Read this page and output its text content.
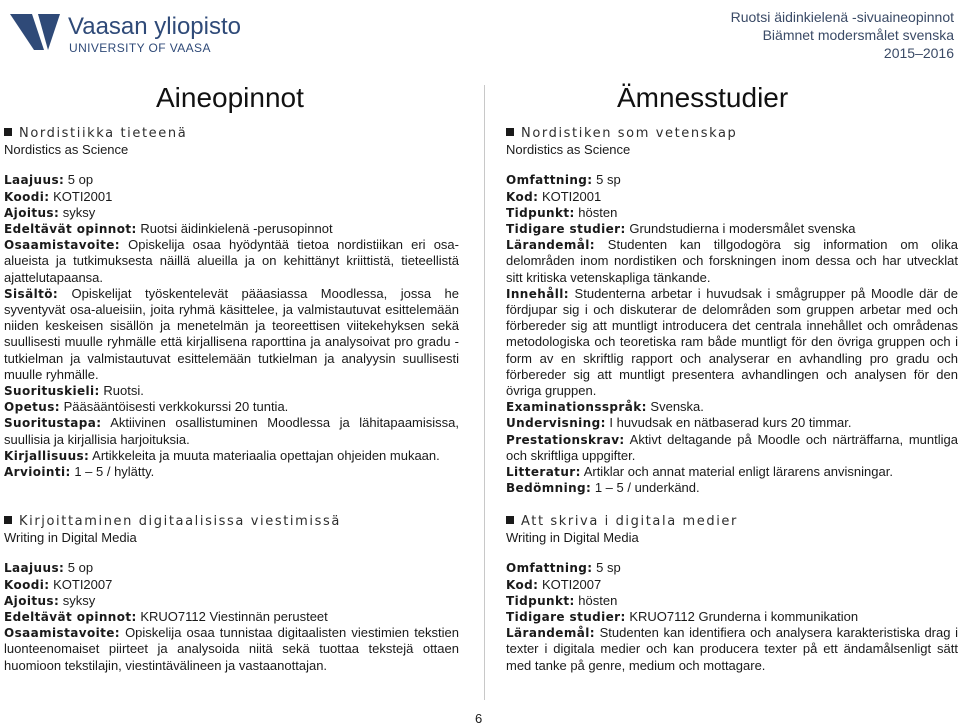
Vaasan yliopisto
UNIVERSITY OF VAASA
Ruotsi äidinkielenä -sivuaineopinnot
Biämnet modersmålet svenska
2015–2016
Aineopinnot	Ämnesstudier
Nordistiikka tieteenä
Nordistics as Science
Laajuus: 5 op
Koodi: KOTI2001
Ajoitus: syksy
Edeltävät opinnot: Ruotsi äidinkielenä -perusopinnot
Osaamistavoite: Opiskelija osaa hyödyntää tietoa nordistiikan eri osa-alueista ja tutkimuksesta näillä alueilla ja on kehittänyt kriittistä, tieteellistä ajattelutapaansa.
Sisältö: Opiskelijat työskentelevät pääasiassa Moodlessa, jossa he syventyvät osa-alueisiin, joita ryhmä käsittelee, ja valmistautuvat esittelemään niiden keskeisen sisällön ja menetelmän ja teoreettisen viitekehyksen sekä suullisesti muulle ryhmälle että kirjallisena raporttina ja analysoivat pro gradu -tutkielman ja valmistautuvat esittelemään tutkielman ja analyysin suullisesti muulle ryhmälle.
Suorituskieli: Ruotsi.
Opetus: Pääsääntöisesti verkkokurssi 20 tuntia.
Suoritustapa: Aktiivinen osallistuminen Moodlessa ja lähitapaamisissa, suullisia ja kirjallisia harjoituksia.
Kirjallisuus: Artikkeleita ja muuta materiaalia opettajan ohjeiden mukaan.
Arviointi: 1 – 5 / hylätty.
Nordistiken som vetenskap
Nordistics as Science
Omfattning: 5 sp
Kod: KOTI2001
Tidpunkt: hösten
Tidigare studier: Grundstudierna i modersmålet svenska
Lärandemål: Studenten kan tillgodogöra sig information om olika delområden inom nordistiken och forskningen inom dessa och har utvecklat sitt kritiska vetenskapliga tänkande.
Innehåll: Studenterna arbetar i huvudsak i smågrupper på Moodle där de fördjupar sig i och diskuterar de delområden som gruppen arbetar med och förbereder sig att muntligt introducera det centrala innehållet och områdenas metodologiska och teoretiska ram både muntligt för den övriga gruppen och i form av en skriftlig rapport och analyserar en avhandling pro gradu och förbereder sig att muntligt presentera avhandlingen och analysen för den övriga gruppen.
Examinationsspråk: Svenska.
Undervisning: I huvudsak en nätbaserad kurs 20 timmar.
Prestationskrav: Aktivt deltagande på Moodle och närträffarna, muntliga och skriftliga uppgifter.
Litteratur: Artiklar och annat material enligt lärarens anvisningar.
Bedömning: 1 – 5 / underkänd.
Kirjoittaminen digitaalisissa viestimissä
Writing in Digital Media
Laajuus: 5 op
Koodi: KOTI2007
Ajoitus: syksy
Edeltävät opinnot: KRUO7112 Viestinnän perusteet
Osaamistavoite: Opiskelija osaa tunnistaa digitaalisten viestimien tekstien luonteenomaiset piirteet ja analysoida niitä sekä tuottaa tekstejä ottaen huomioon tekstilajin, viestintävälineen ja vastaanottajan.
Att skriva i digitala medier
Writing in Digital Media
Omfattning: 5 sp
Kod: KOTI2007
Tidpunkt: hösten
Tidigare studier: KRUO7112 Grunderna i kommunikation
Lärandemål: Studenten kan identifiera och analysera karakteristiska drag i texter i digitala medier och kan producera texter på ett ändamålsenligt sätt med tanke på genre, medium och mottagare.
6
